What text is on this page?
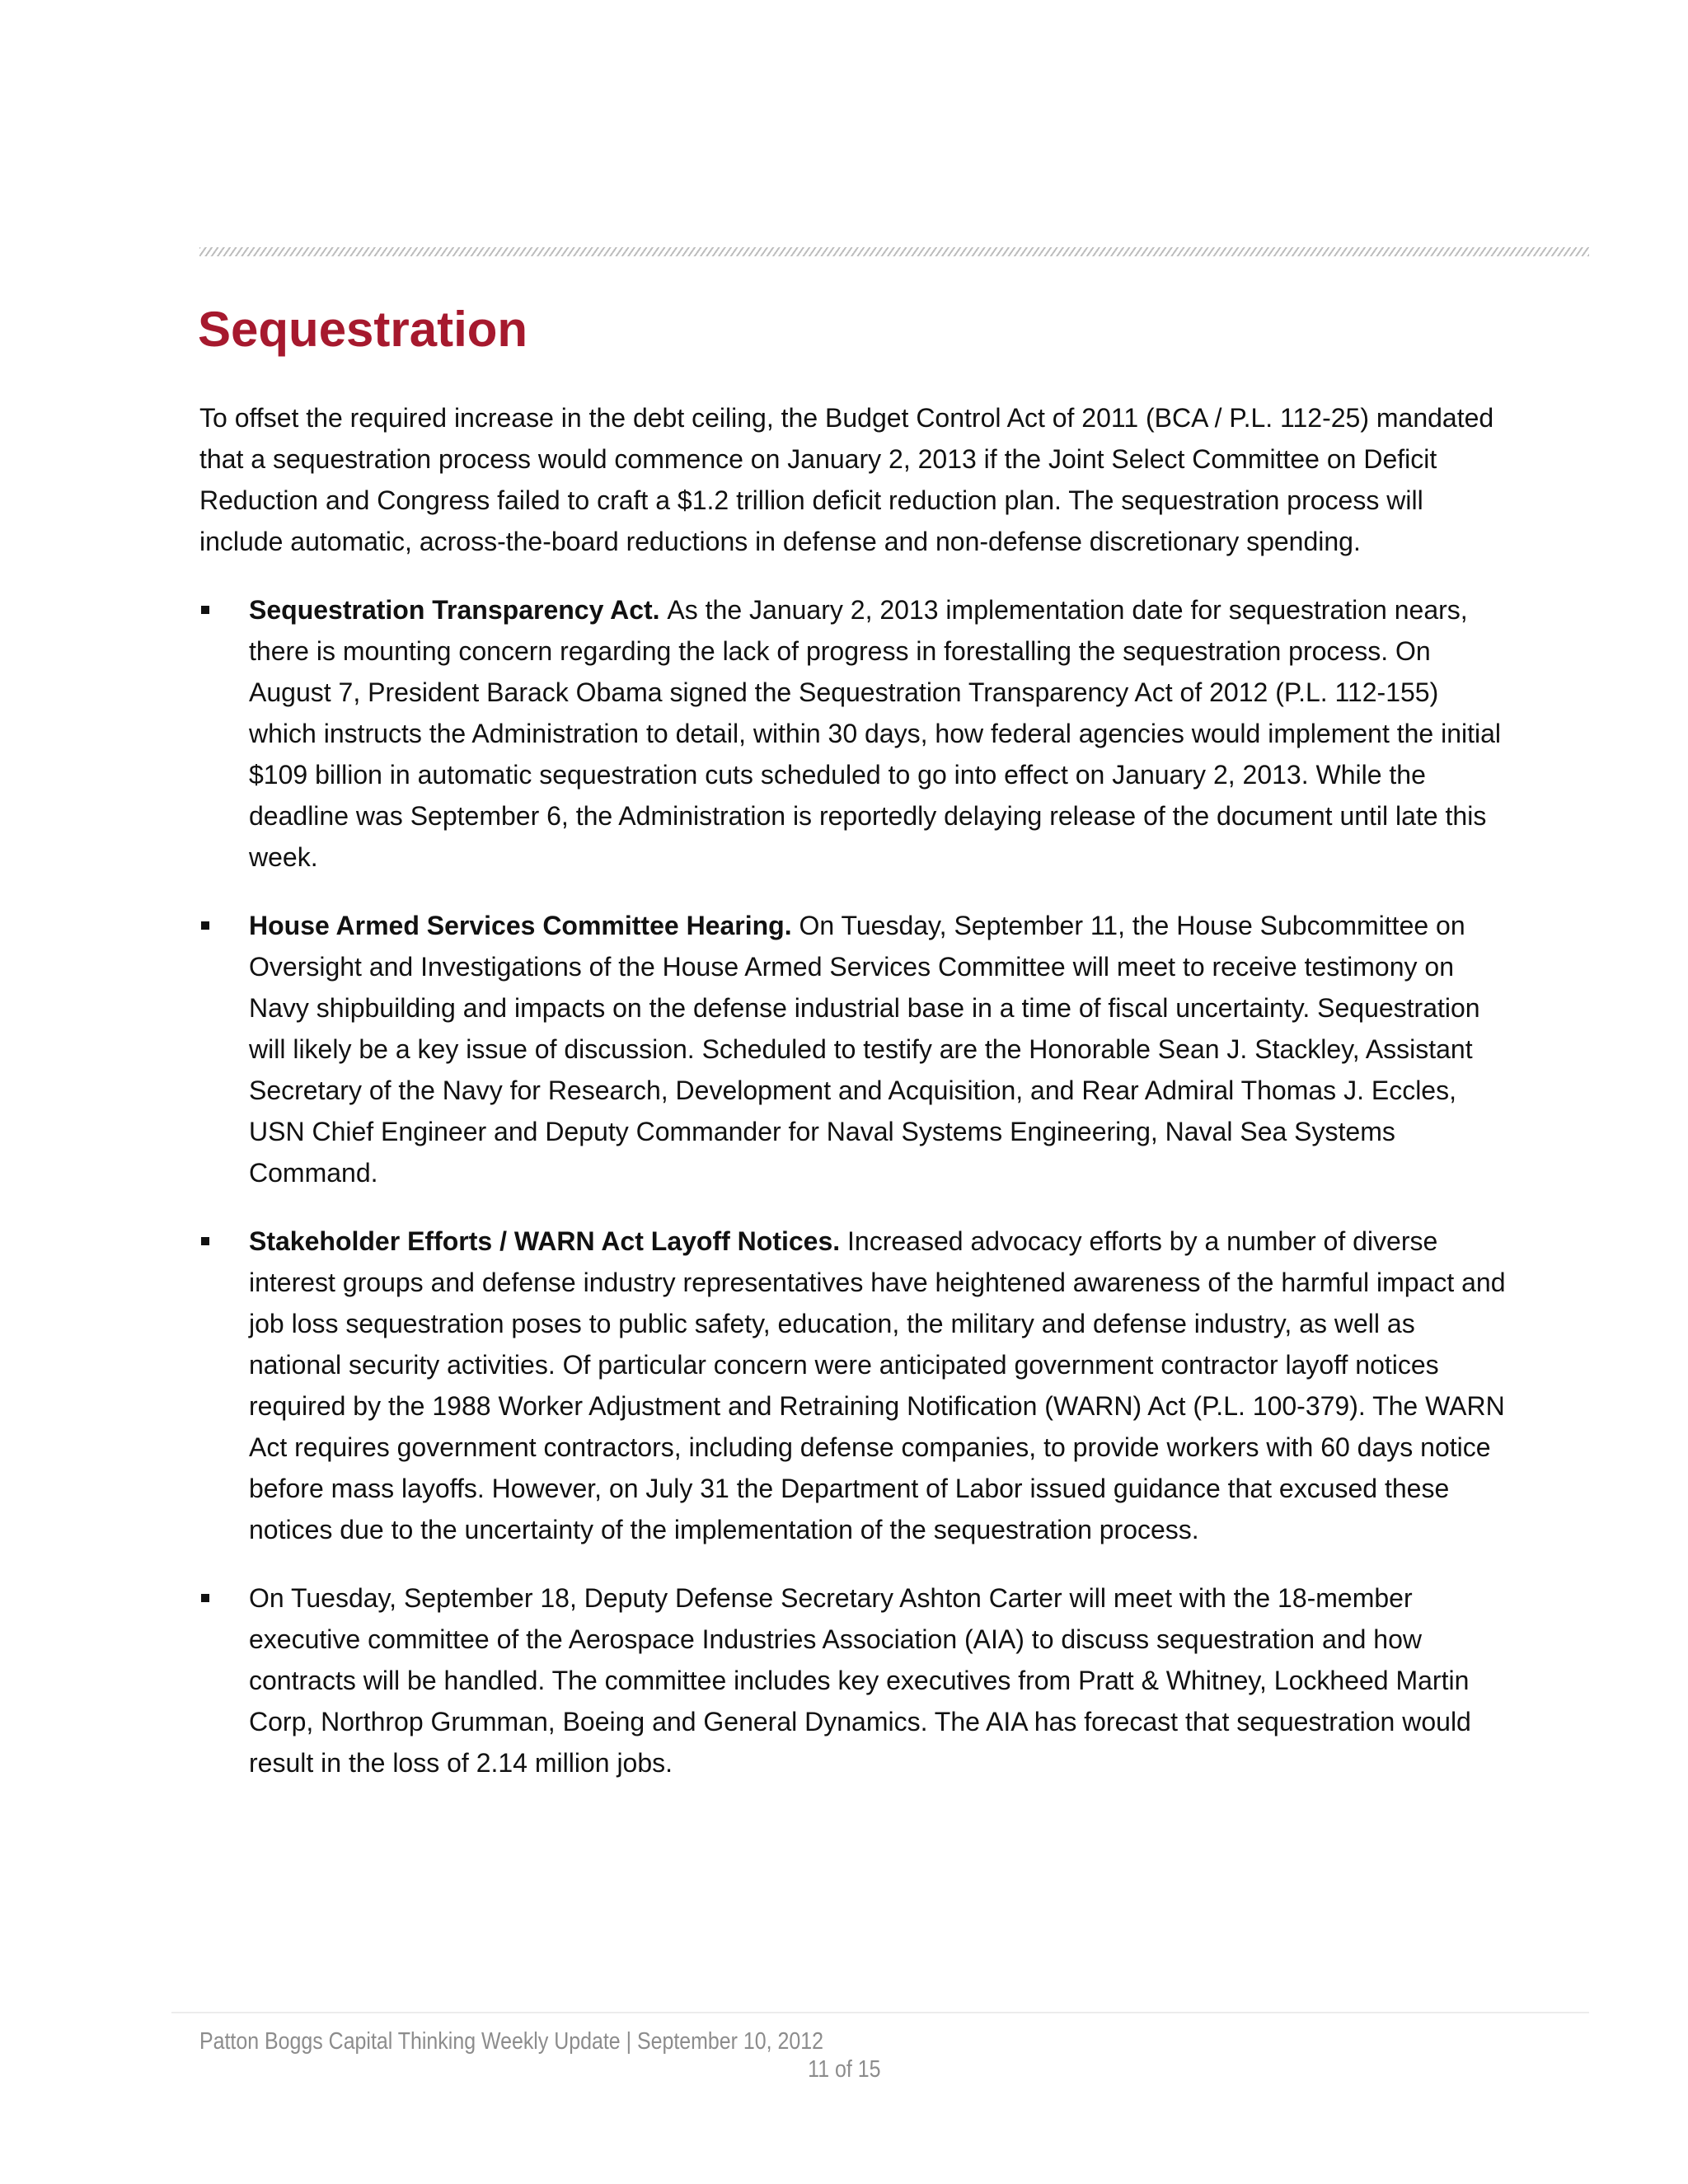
Sequestration

To offset the required increase in the debt ceiling, the Budget Control Act of 2011 (BCA / P.L. 112-25) mandated that a sequestration process would commence on January 2, 2013 if the Joint Select Committee on Deficit Reduction and Congress failed to craft a $1.2 trillion deficit reduction plan. The sequestration process will include automatic, across-the-board reductions in defense and non-defense discretionary spending.

Sequestration Transparency Act. As the January 2, 2013 implementation date for sequestration nears, there is mounting concern regarding the lack of progress in forestalling the sequestration process. On August 7, President Barack Obama signed the Sequestration Transparency Act of 2012 (P.L. 112-155) which instructs the Administration to detail, within 30 days, how federal agencies would implement the initial $109 billion in automatic sequestration cuts scheduled to go into effect on January 2, 2013. While the deadline was September 6, the Administration is reportedly delaying release of the document until late this week.
House Armed Services Committee Hearing. On Tuesday, September 11, the House Subcommittee on Oversight and Investigations of the House Armed Services Committee will meet to receive testimony on Navy shipbuilding and impacts on the defense industrial base in a time of fiscal uncertainty. Sequestration will likely be a key issue of discussion. Scheduled to testify are the Honorable Sean J. Stackley, Assistant Secretary of the Navy for Research, Development and Acquisition, and Rear Admiral Thomas J. Eccles, USN Chief Engineer and Deputy Commander for Naval Systems Engineering, Naval Sea Systems Command.
Stakeholder Efforts / WARN Act Layoff Notices. Increased advocacy efforts by a number of diverse interest groups and defense industry representatives have heightened awareness of the harmful impact and job loss sequestration poses to public safety, education, the military and defense industry, as well as national security activities. Of particular concern were anticipated government contractor layoff notices required by the 1988 Worker Adjustment and Retraining Notification (WARN) Act (P.L. 100-379). The WARN Act requires government contractors, including defense companies, to provide workers with 60 days notice before mass layoffs. However, on July 31 the Department of Labor issued guidance that excused these notices due to the uncertainty of the implementation of the sequestration process.
On Tuesday, September 18, Deputy Defense Secretary Ashton Carter will meet with the 18-member executive committee of the Aerospace Industries Association (AIA) to discuss sequestration and how contracts will be handled. The committee includes key executives from Pratt & Whitney, Lockheed Martin Corp, Northrop Grumman, Boeing and General Dynamics. The AIA has forecast that sequestration would result in the loss of 2.14 million jobs.
Patton Boggs Capital Thinking Weekly Update | September 10, 2012
11 of 15
